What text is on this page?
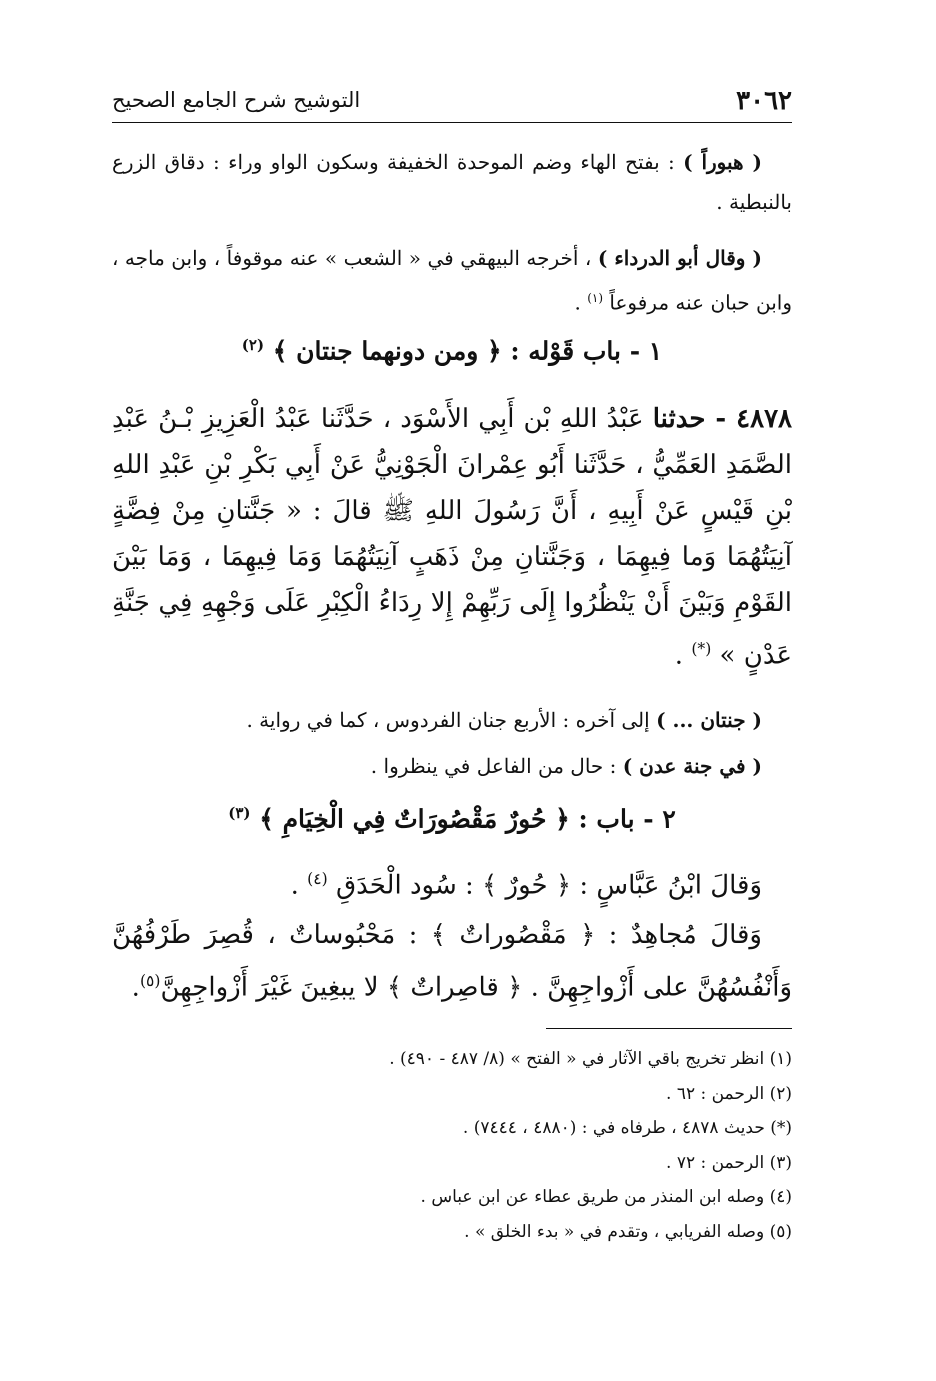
٣٠٦٢
التوشيح شرح الجامع الصحيح
( هبوراً ) : بفتح الهاء وضم الموحدة الخفيفة وسكون الواو وراء : دقاق الزرع بالنبطية .
( وقال أبو الدرداء ) ، أخرجه البيهقي في « الشعب » عنه موقوفاً ، وابن ماجه ، وابن حبان عنه مرفوعاً $^{(١)}$ .
١ - باب قَوْله : ﴿ ومن دونهما جنتان ﴾ $^{(٢)}$
٤٨٧٨ - حدثنا عَبْدُ اللهِ بْن أَبِي الأَسْوَد ، حَدَّثَنا عَبْدُ الْعَزِيزِ بْـنُ عَبْدِ الصَّمَدِ العَمِّيُّ ، حَدَّثَنا أَبُو عِمْرانَ الْجَوْنِيُّ عَنْ أَبِي بَكْرِ بْنِ عَبْدِ اللهِ بْنِ قَيْسٍ عَنْ أَبِيهِ ، أَنَّ رَسُولَ اللهِ ﷺ قالَ : « جَنَّتانِ مِنْ فِضَّةٍ آنِيَتُهُمَا وَما فِيهِمَا ، وَجَنَّتانِ مِنْ ذَهَبٍ آنِيَتُهُمَا وَمَا فِيهِمَا ، وَمَا بَيْنَ القَوْمِ وَبَيْنَ أَنْ يَنْظُرُوا إِلَى رَبِّهِمْ إِلا رِدَاءُ الْكِبْرِ عَلَى وَجْهِهِ فِي جَنَّةِ عَدْنٍ » (*) .
( جنتان ... ) إلى آخره : الأربع جنان الفردوس ، كما في رواية .
( في جنة عدن ) : حال من الفاعل في ينظروا .
٢ - باب : ﴿ حُورٌ مَقْصُورَاتٌ فِي الْخِيَامِ ﴾ $^{(٣)}$
وَقالَ ابْنُ عَبَّاسٍ : ﴿ حُورٌ ﴾ : سُود الْحَدَقِ $^{(٤)}$ .
وَقالَ مُجاهِدٌ : ﴿ مَقْصُوراتٌ ﴾ : مَحْبُوساتٌ ، قُصِرَ طَرْفُهُنَّ وَأَنْفُسُهُنَّ على أَزْواجِهِنَّ . ﴿ قاصِراتٌ ﴾ لا يبغِينَ غَيْرَ أَزْواجِهِنَّ$^{(٥)}$.
(١) انظر تخريج باقي الآثار في « الفتح » (٨/ ٤٨٧ - ٤٩٠) .
(٢) الرحمن : ٦٢ .
(*) حديث ٤٨٧٨ ، طرفاه في : (٤٨٨٠ ، ٧٤٤٤) .
(٣) الرحمن : ٧٢ .
(٤) وصله ابن المنذر من طريق عطاء عن ابن عباس .
(٥) وصله الفريابي ، وتقدم في « بدء الخلق » .
